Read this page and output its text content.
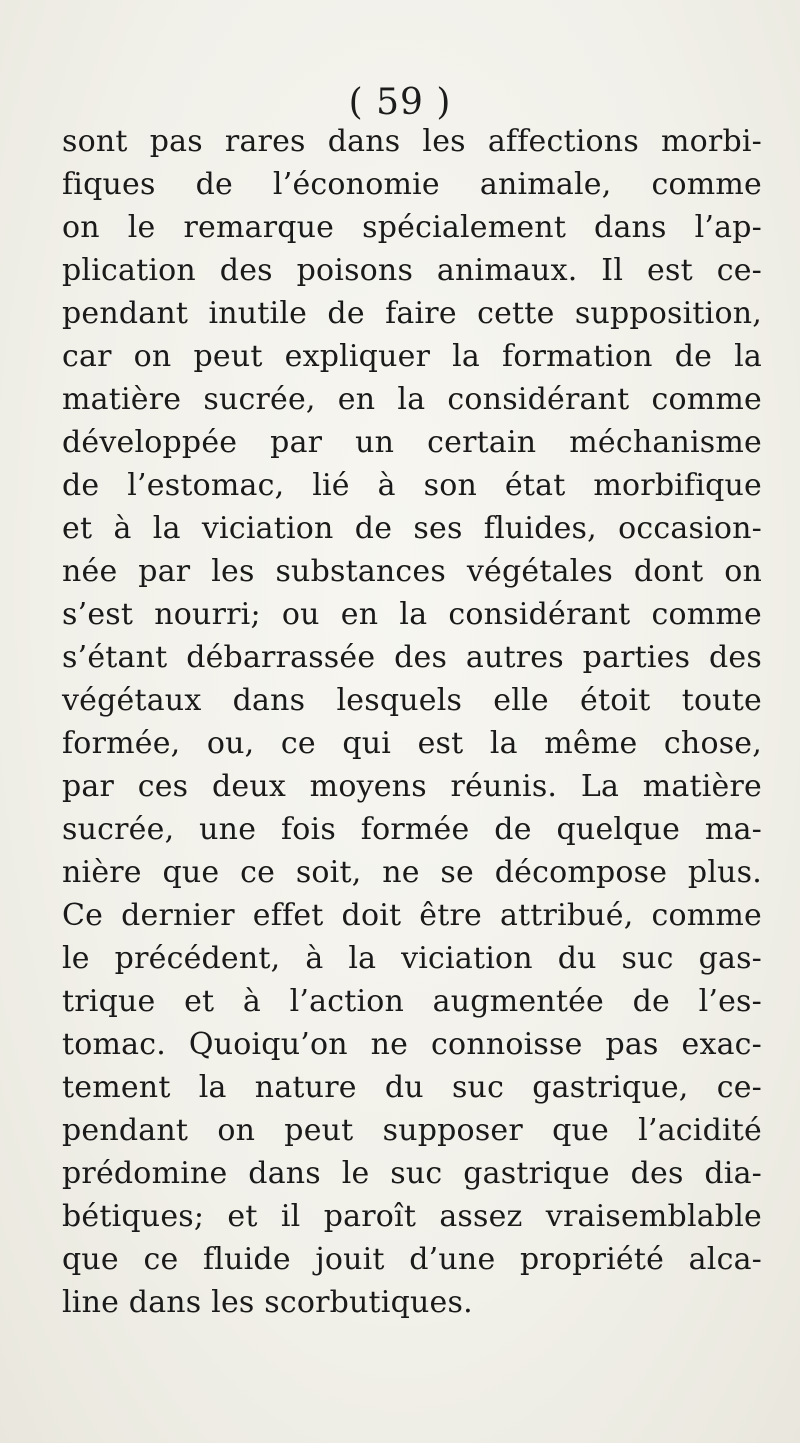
( 59 )
sont pas rares dans les affections morbi-
fiques de l’économie animale, comme
on le remarque spécialement dans l’ap-
plication des poisons animaux. Il est ce-
pendant inutile de faire cette supposition,
car on peut expliquer la formation de la
matière sucrée, en la considérant comme
développée par un certain méchanisme
de l’estomac, lié à son état morbifique
et à la viciation de ses fluides, occasion-
née par les substances végétales dont on
s’est nourri; ou en la considérant comme
s’étant débarrassée des autres parties des
végétaux dans lesquels elle étoit toute
formée, ou, ce qui est la même chose,
par ces deux moyens réunis. La matière
sucrée, une fois formée de quelque ma-
nière que ce soit, ne se décompose plus.
Ce dernier effet doit être attribué, comme
le précédent, à la viciation du suc gas-
trique et à l’action augmentée de l’es-
tomac. Quoiqu’on ne connoisse pas exac-
tement la nature du suc gastrique, ce-
pendant on peut supposer que l’acidité
prédomine dans le suc gastrique des dia-
bétiques; et il paroît assez vraisemblable
que ce fluide jouit d’une propriété alca-
line dans les scorbutiques.
